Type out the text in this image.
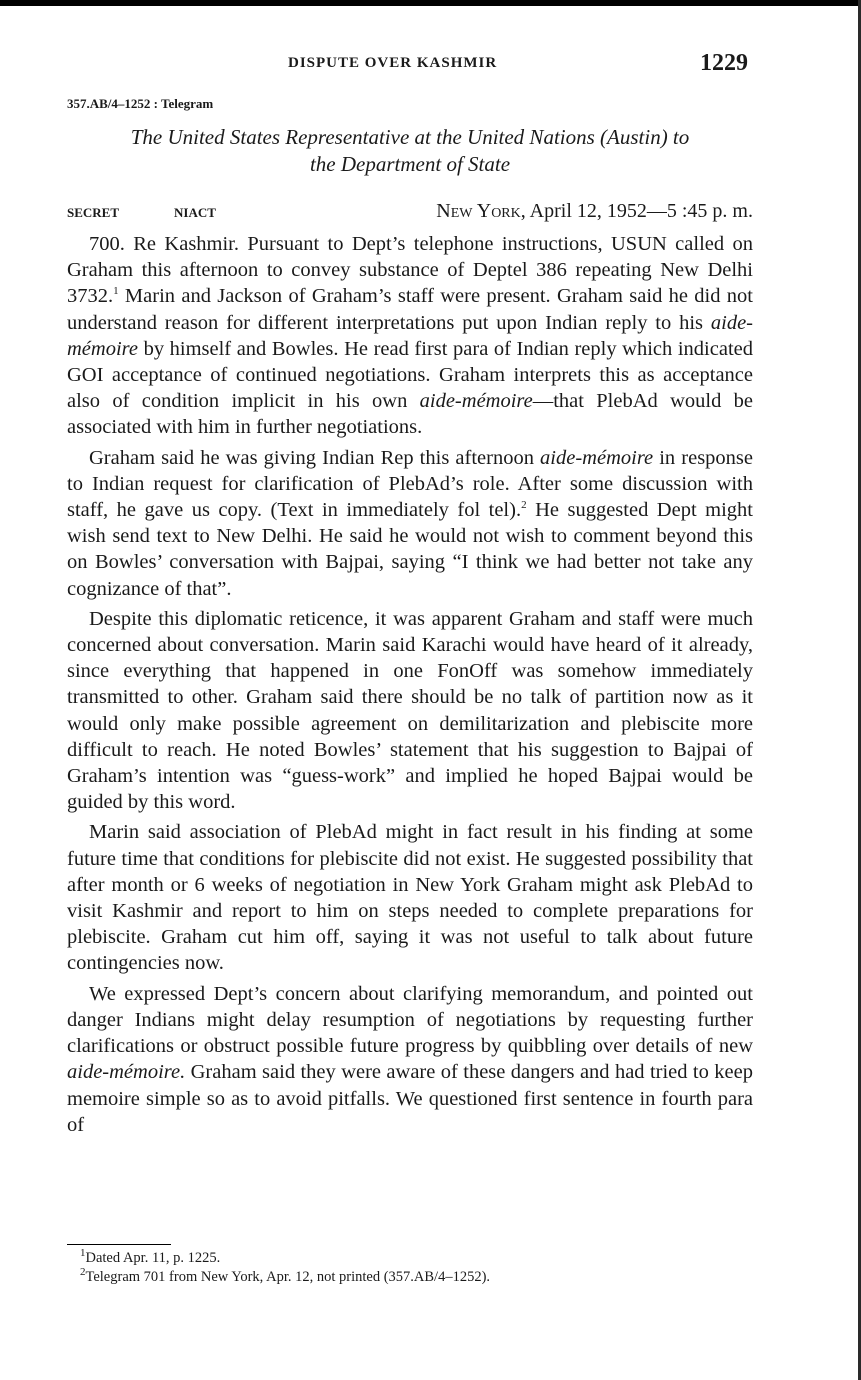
DISPUTE OVER KASHMIR	1229
357.AB/4–1252 : Telegram
The United States Representative at the United Nations (Austin) to
the Department of State
SECRET	NIACT	New York, April 12, 1952—5 :45 p. m.

700. Re Kashmir. Pursuant to Dept’s telephone instructions, USUN called on Graham this afternoon to convey substance of Deptel 386 repeating New Delhi 3732.$^1$ Marin and Jackson of Graham’s staff were present. Graham said he did not understand reason for different interpretations put upon Indian reply to his aide-mémoire by himself and Bowles. He read first para of Indian reply which indicated GOI acceptance of continued negotiations. Graham interprets this as acceptance also of condition implicit in his own aide-mémoire—that PlebAd would be associated with him in further negotiations.

Graham said he was giving Indian Rep this afternoon aide-mémoire in response to Indian request for clarification of PlebAd’s role. After some discussion with staff, he gave us copy. (Text in immediately fol tel).$^2$ He suggested Dept might wish send text to New Delhi. He said he would not wish to comment beyond this on Bowles’ conversation with Bajpai, saying “I think we had better not take any cognizance of that”.

Despite this diplomatic reticence, it was apparent Graham and staff were much concerned about conversation. Marin said Karachi would have heard of it already, since everything that happened in one FonOff was somehow immediately transmitted to other. Graham said there should be no talk of partition now as it would only make possible agreement on demilitarization and plebiscite more difficult to reach. He noted Bowles’ statement that his suggestion to Bajpai of Graham’s intention was “guess-work” and implied he hoped Bajpai would be guided by this word.

Marin said association of PlebAd might in fact result in his finding at some future time that conditions for plebiscite did not exist. He suggested possibility that after month or 6 weeks of negotiation in New York Graham might ask PlebAd to visit Kashmir and report to him on steps needed to complete preparations for plebiscite. Graham cut him off, saying it was not useful to talk about future contingencies now.

We expressed Dept’s concern about clarifying memorandum, and pointed out danger Indians might delay resumption of negotiations by requesting further clarifications or obstruct possible future progress by quibbling over details of new aide-mémoire. Graham said they were aware of these dangers and had tried to keep memoire simple so as to avoid pitfalls. We questioned first sentence in fourth para of

$^1$Dated Apr. 11, p. 1225.
$^2$Telegram 701 from New York, Apr. 12, not printed (357.AB/4–1252).
